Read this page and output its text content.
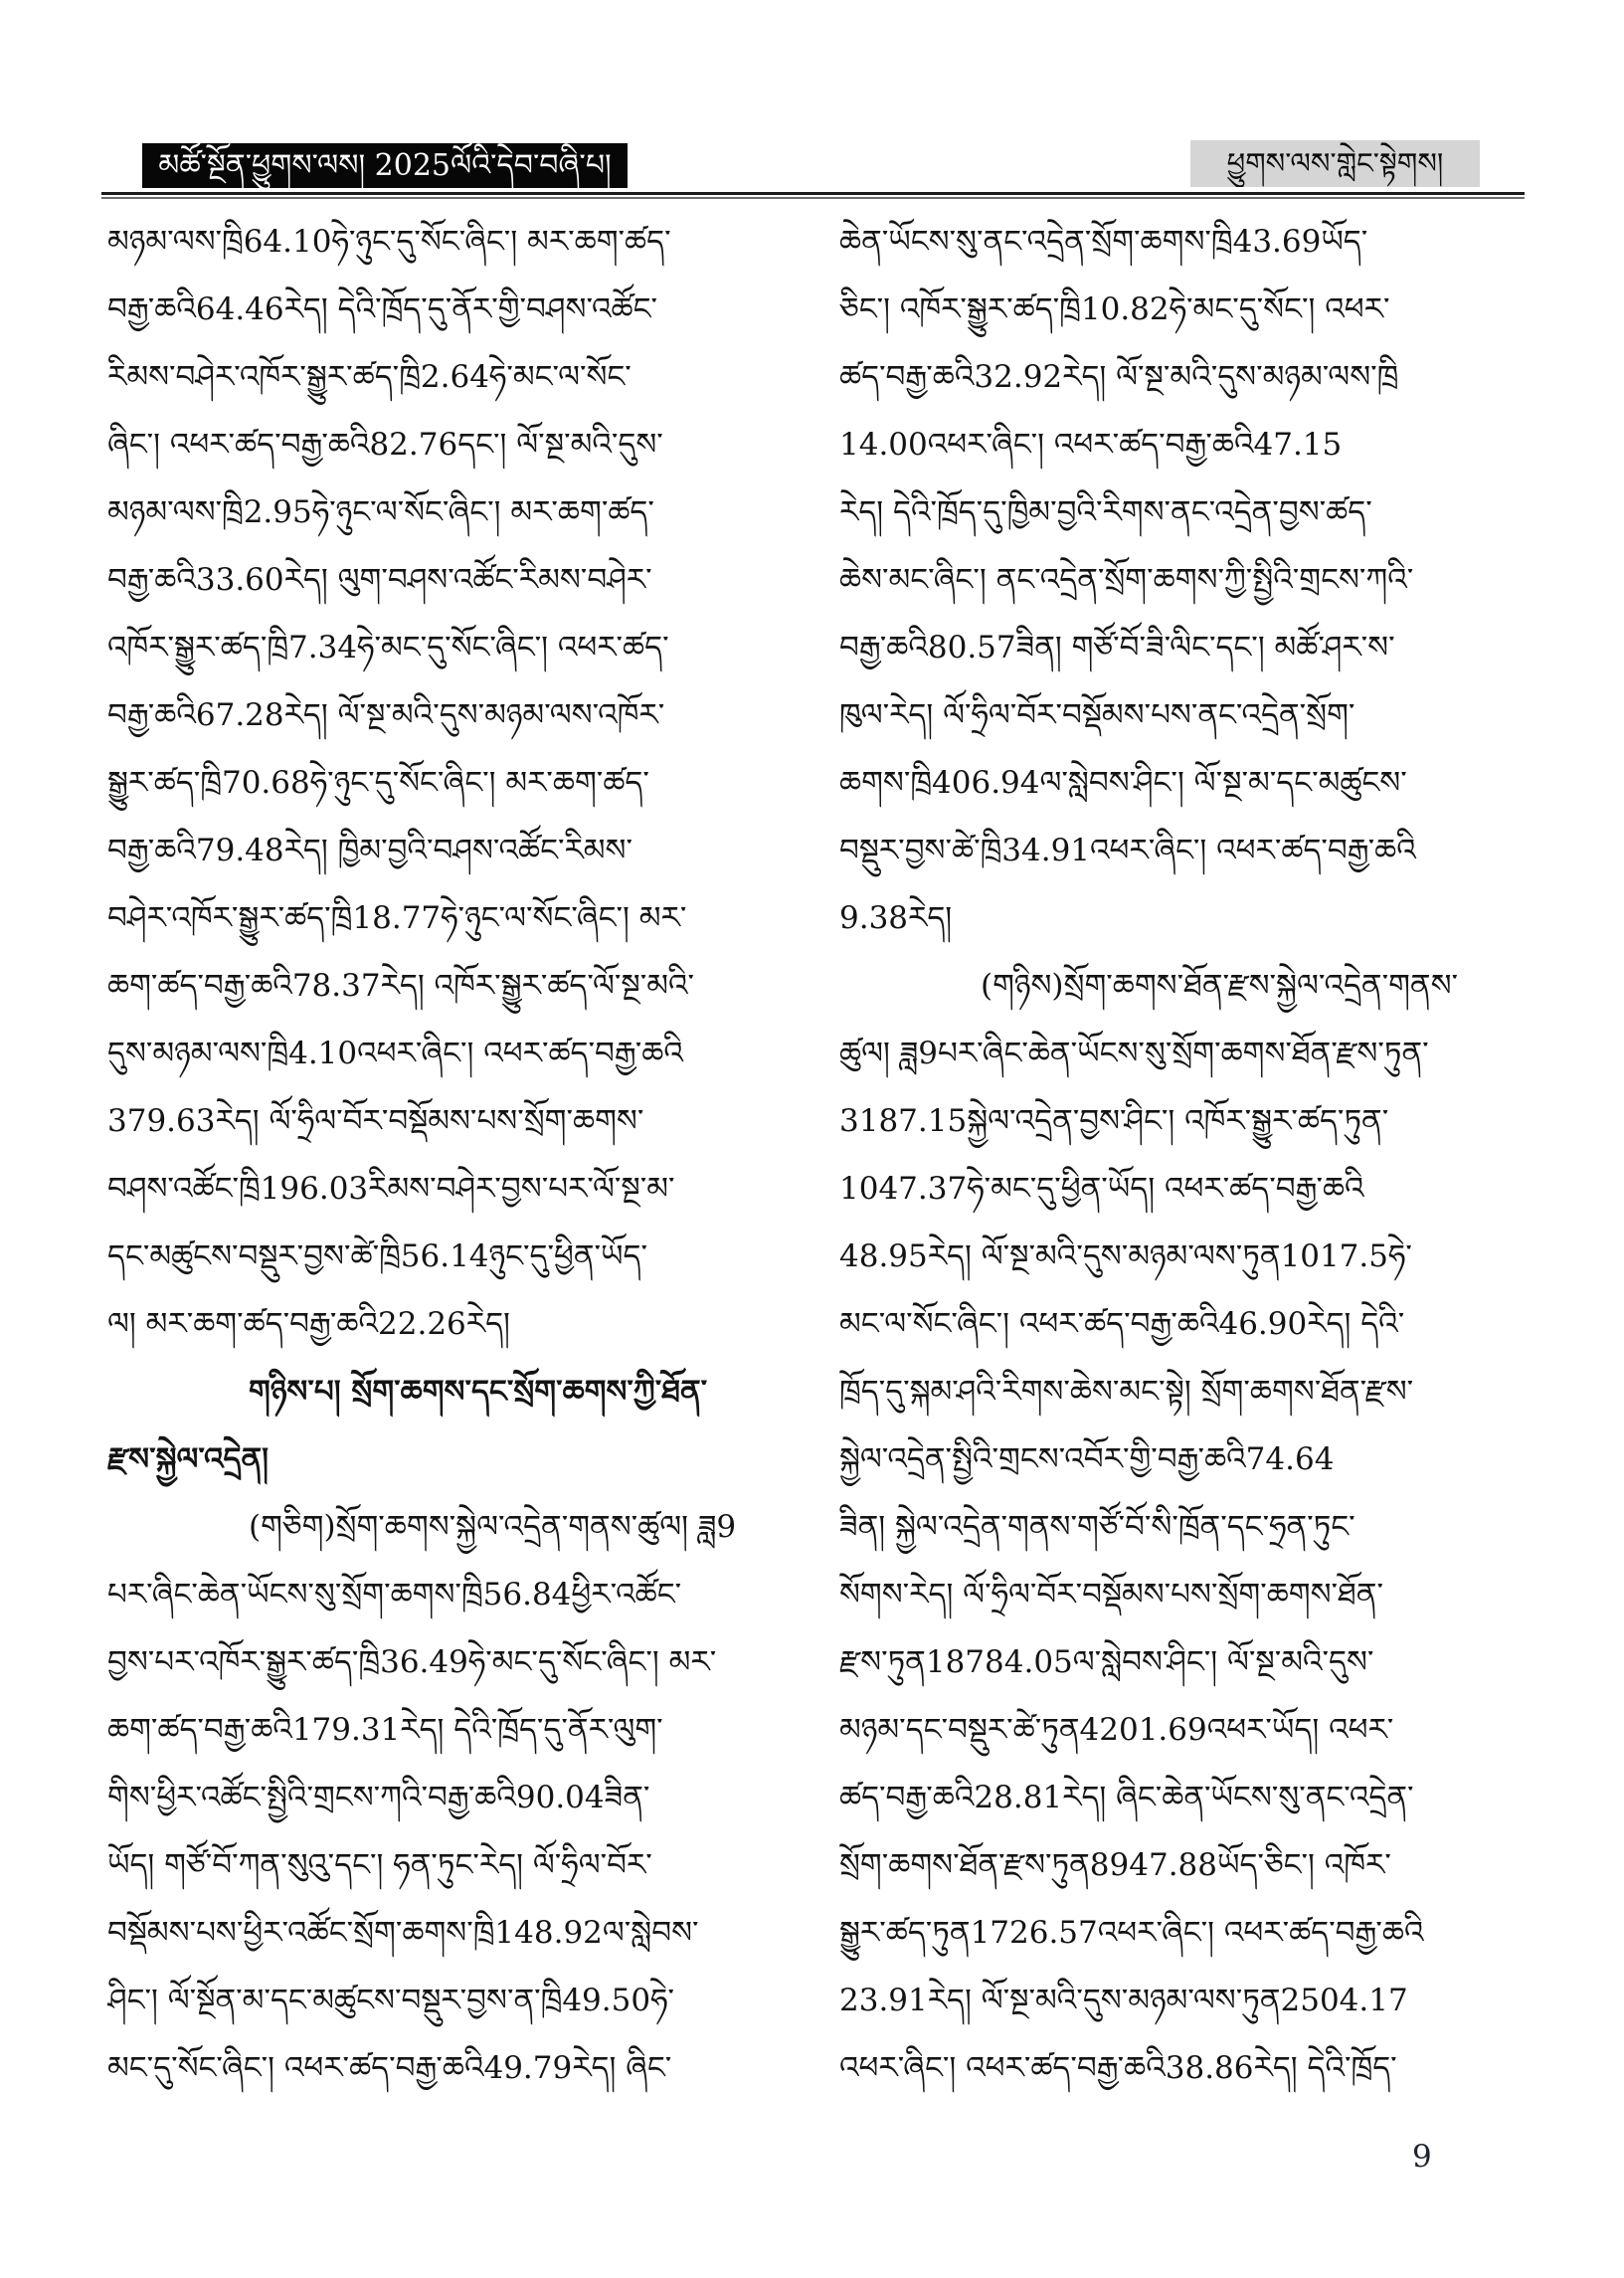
མཚོ་སྔོན་ཕྱུགས་ལས། 2025ལོའི་དེབ་བཞི་པ།	ཕྱུགས་ལས་གླེང་སྟེགས།
མཉམ་ལས་ཁྲི64.10ཧེ་ཉུང་དུ་སོང་ཞིང་། མར་ཆག་ཚད་
བརྒྱ་ཆའི64.46རེད། དེའི་ཁྲོད་དུ་ནོར་གྱི་བཤས་འཚོང་
རིམས་བཤེར་འཁོར་སྒྱུར་ཚད་ཁྲི2.64ཧེ་མང་ལ་སོང་
ཞིང་། འཕར་ཚད་བརྒྱ་ཆའི82.76དང་། ལོ་སྔ་མའི་དུས་
མཉམ་ལས་ཁྲི2.95ཧེ་ཉུང་ལ་སོང་ཞིང་། མར་ཆག་ཚད་
བརྒྱ་ཆའི33.60རེད། ལུག་བཤས་འཚོང་རིམས་བཤེར་
འཁོར་སྒྱུར་ཚད་ཁྲི7.34ཧེ་མང་དུ་སོང་ཞིང་། འཕར་ཚད་
བརྒྱ་ཆའི67.28རེད། ལོ་སྔ་མའི་དུས་མཉམ་ལས་འཁོར་
སྒྱུར་ཚད་ཁྲི70.68ཧེ་ཉུང་དུ་སོང་ཞིང་། མར་ཆག་ཚད་
བརྒྱ་ཆའི79.48རེད། ཁྱིམ་བྱའི་བཤས་འཚོང་རིམས་
བཤེར་འཁོར་སྒྱུར་ཚད་ཁྲི18.77ཧེ་ཉུང་ལ་སོང་ཞིང་། མར་
ཆག་ཚད་བརྒྱ་ཆའི78.37རེད། འཁོར་སྒྱུར་ཚད་ལོ་སྔ་མའི་
དུས་མཉམ་ལས་ཁྲི4.10འཕར་ཞིང་། འཕར་ཚད་བརྒྱ་ཆའི
379.63རེད། ལོ་ཧྲིལ་བོར་བསྡོམས་པས་སྲོག་ཆགས་
བཤས་འཚོང་ཁྲི196.03རིམས་བཤེར་བྱས་པར་ལོ་སྔ་མ་
དང་མཚུངས་བསྡུར་བྱས་ཚེ་ཁྲི56.14ཉུང་དུ་ཕྱིན་ཡོད་
ལ། མར་ཆག་ཚད་བརྒྱ་ཆའི22.26རེད།
གཉིས་པ། སྲོག་ཆགས་དང་སྲོག་ཆགས་ཀྱི་ཐོན་
རྫས་སྐྱེལ་འདྲེན།
(གཅིག)སྲོག་ཆགས་སྐྱེལ་འདྲེན་གནས་ཚུལ། ཟླ9
པར་ཞིང་ཆེན་ཡོངས་སུ་སྲོག་ཆགས་ཁྲི56.84ཕྱིར་འཚོང་
བྱས་པར་འཁོར་སྒྱུར་ཚད་ཁྲི36.49ཧེ་མང་དུ་སོང་ཞིང་། མར་
ཆག་ཚད་བརྒྱ་ཆའི179.31རེད། དེའི་ཁྲོད་དུ་ནོར་ལུག་
གིས་ཕྱིར་འཚོང་སྤྱིའི་གྲངས་ཀའི་བརྒྱ་ཆའི90.04ཟིན་
ཡོད། གཙོ་བོ་ཀན་སུའུ་དང་། ཧན་ཏུང་རེད། ལོ་ཧྲིལ་བོར་
བསྡོམས་པས་ཕྱིར་འཚོང་སྲོག་ཆགས་ཁྲི148.92ལ་སླེབས་
ཤིང་། ལོ་སྔོན་མ་དང་མཚུངས་བསྡུར་བྱས་ན་ཁྲི49.50ཧེ་
མང་དུ་སོང་ཞིང་། འཕར་ཚད་བརྒྱ་ཆའི49.79རེད། ཞིང་
ཆེན་ཡོངས་སུ་ནང་འདྲེན་སྲོག་ཆགས་ཁྲི43.69ཡོད་
ཅིང་། འཁོར་སྒྱུར་ཚད་ཁྲི10.82ཧེ་མང་དུ་སོང་། འཕར་
ཚད་བརྒྱ་ཆའི32.92རེད། ལོ་སྔ་མའི་དུས་མཉམ་ལས་ཁྲི
14.00འཕར་ཞིང་། འཕར་ཚད་བརྒྱ་ཆའི47.15
རེད། དེའི་ཁྲོད་དུ་ཁྱིམ་བྱའི་རིགས་ནང་འདྲེན་བྱས་ཚད་
ཆེས་མང་ཞིང་། ནང་འདྲེན་སྲོག་ཆགས་ཀྱི་སྤྱིའི་གྲངས་ཀའི་
བརྒྱ་ཆའི80.57ཟིན། གཙོ་བོ་ཟི་ལིང་དང་། མཚོ་ཤར་ས་
ཁུལ་རེད། ལོ་ཧྲིལ་བོར་བསྡོམས་པས་ནང་འདྲེན་སྲོག་
ཆགས་ཁྲི406.94ལ་སླེབས་ཤིང་། ལོ་སྔ་མ་དང་མཚུངས་
བསྡུར་བྱས་ཚེ་ཁྲི34.91འཕར་ཞིང་། འཕར་ཚད་བརྒྱ་ཆའི
9.38རེད།
(གཉིས)སྲོག་ཆགས་ཐོན་རྫས་སྐྱེལ་འདྲེན་གནས་
ཚུལ། ཟླ9པར་ཞིང་ཆེན་ཡོངས་སུ་སྲོག་ཆགས་ཐོན་རྫས་ཏུན་
3187.15སྐྱེལ་འདྲེན་བྱས་ཤིང་། འཁོར་སྒྱུར་ཚད་ཏུན་
1047.37ཧེ་མང་དུ་ཕྱིན་ཡོད། འཕར་ཚད་བརྒྱ་ཆའི
48.95རེད། ལོ་སྔ་མའི་དུས་མཉམ་ལས་ཏུན1017.5ཧེ་
མང་ལ་སོང་ཞིང་། འཕར་ཚད་བརྒྱ་ཆའི46.90རེད། དེའི་
ཁྲོད་དུ་སྐམ་ཤའི་རིགས་ཆེས་མང་སྟེ། སྲོག་ཆགས་ཐོན་རྫས་
སྐྱེལ་འདྲེན་སྤྱིའི་གྲངས་འབོར་གྱི་བརྒྱ་ཆའི74.64
ཟིན། སྐྱེལ་འདྲེན་གནས་གཙོ་བོ་སི་ཁྲོན་དང་ཧྲན་ཏུང་
སོགས་རེད། ལོ་ཧྲིལ་བོར་བསྡོམས་པས་སྲོག་ཆགས་ཐོན་
རྫས་ཏུན18784.05ལ་སླེབས་ཤིང་། ལོ་སྔ་མའི་དུས་
མཉམ་དང་བསྡུར་ཚེ་ཏུན4201.69འཕར་ཡོད། འཕར་
ཚད་བརྒྱ་ཆའི28.81རེད། ཞིང་ཆེན་ཡོངས་སུ་ནང་འདྲེན་
སྲོག་ཆགས་ཐོན་རྫས་ཏུན8947.88ཡོད་ཅིང་། འཁོར་
སྒྱུར་ཚད་ཏུན1726.57འཕར་ཞིང་། འཕར་ཚད་བརྒྱ་ཆའི
23.91རེད། ལོ་སྔ་མའི་དུས་མཉམ་ལས་ཏུན2504.17
འཕར་ཞིང་། འཕར་ཚད་བརྒྱ་ཆའི38.86རེད། དེའི་ཁྲོད་
9
